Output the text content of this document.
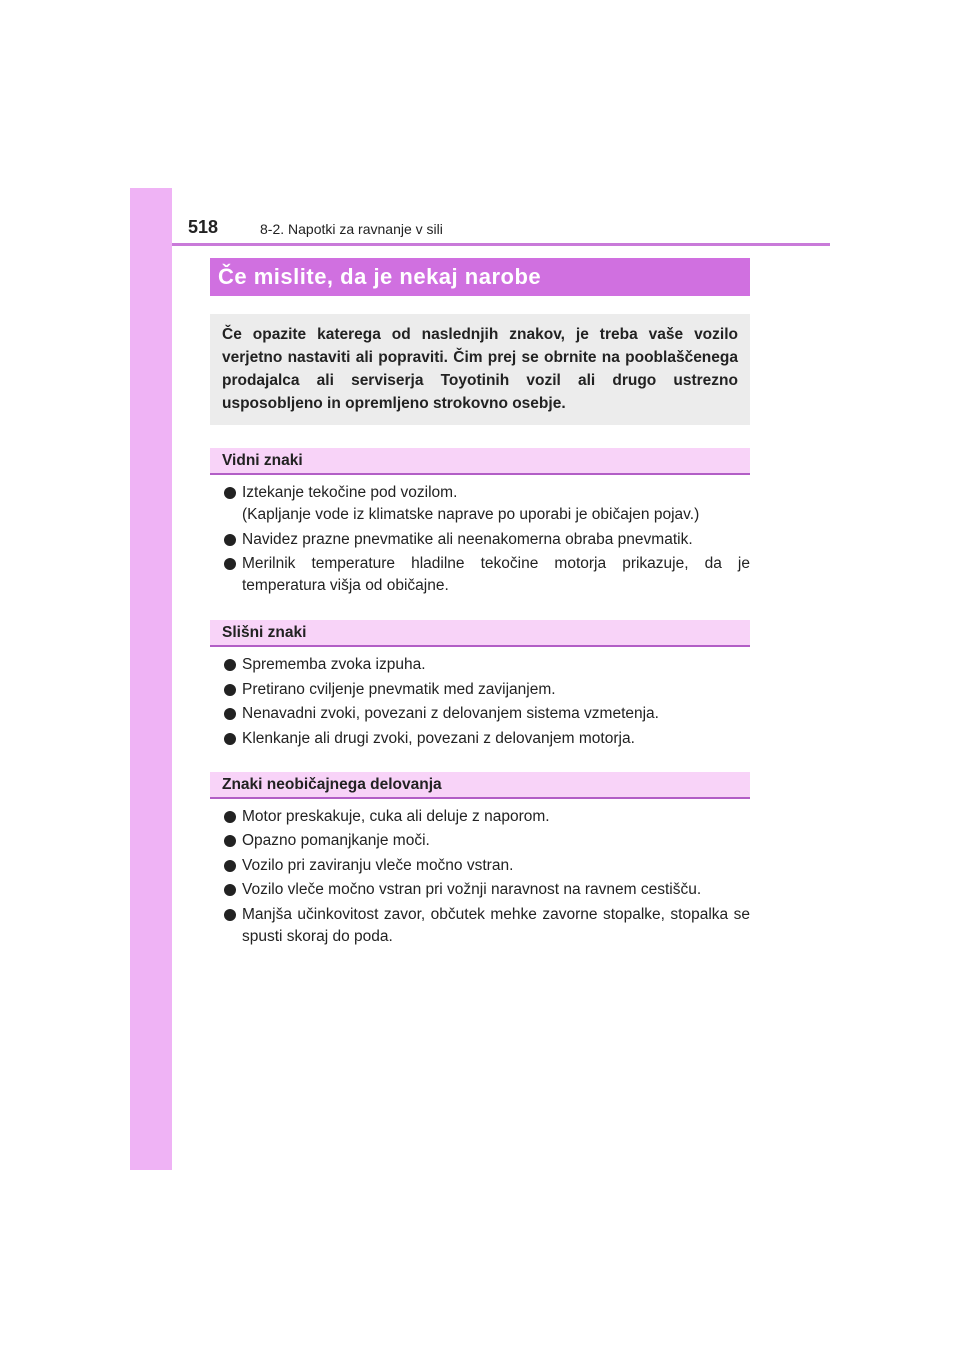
518	8-2. Napotki za ravnanje v sili
Če mislite, da je nekaj narobe
Če opazite katerega od naslednjih znakov, je treba vaše vozilo verjetno nastaviti ali popraviti. Čim prej se obrnite na pooblaščenega prodajalca ali serviserja Toyotinih vozil ali drugo ustrezno usposobljeno in opremljeno strokovno osebje.
Vidni znaki
Iztekanje tekočine pod vozilom.
(Kapljanje vode iz klimatske naprave po uporabi je običajen pojav.)
Navidez prazne pnevmatike ali neenakomerna obraba pnevmatik.
Merilnik temperature hladilne tekočine motorja prikazuje, da je temperatura višja od običajne.
Slišni znaki
Sprememba zvoka izpuha.
Pretirano cviljenje pnevmatik med zavijanjem.
Nenavadni zvoki, povezani z delovanjem sistema vzmetenja.
Klenkanje ali drugi zvoki, povezani z delovanjem motorja.
Znaki neobičajnega delovanja
Motor preskakuje, cuka ali deluje z naporom.
Opazno pomanjkanje moči.
Vozilo pri zaviranju vleče močno vstran.
Vozilo vleče močno vstran pri vožnji naravnost na ravnem cestišču.
Manjša učinkovitost zavor, občutek mehke zavorne stopalke, stopalka se spusti skoraj do poda.
